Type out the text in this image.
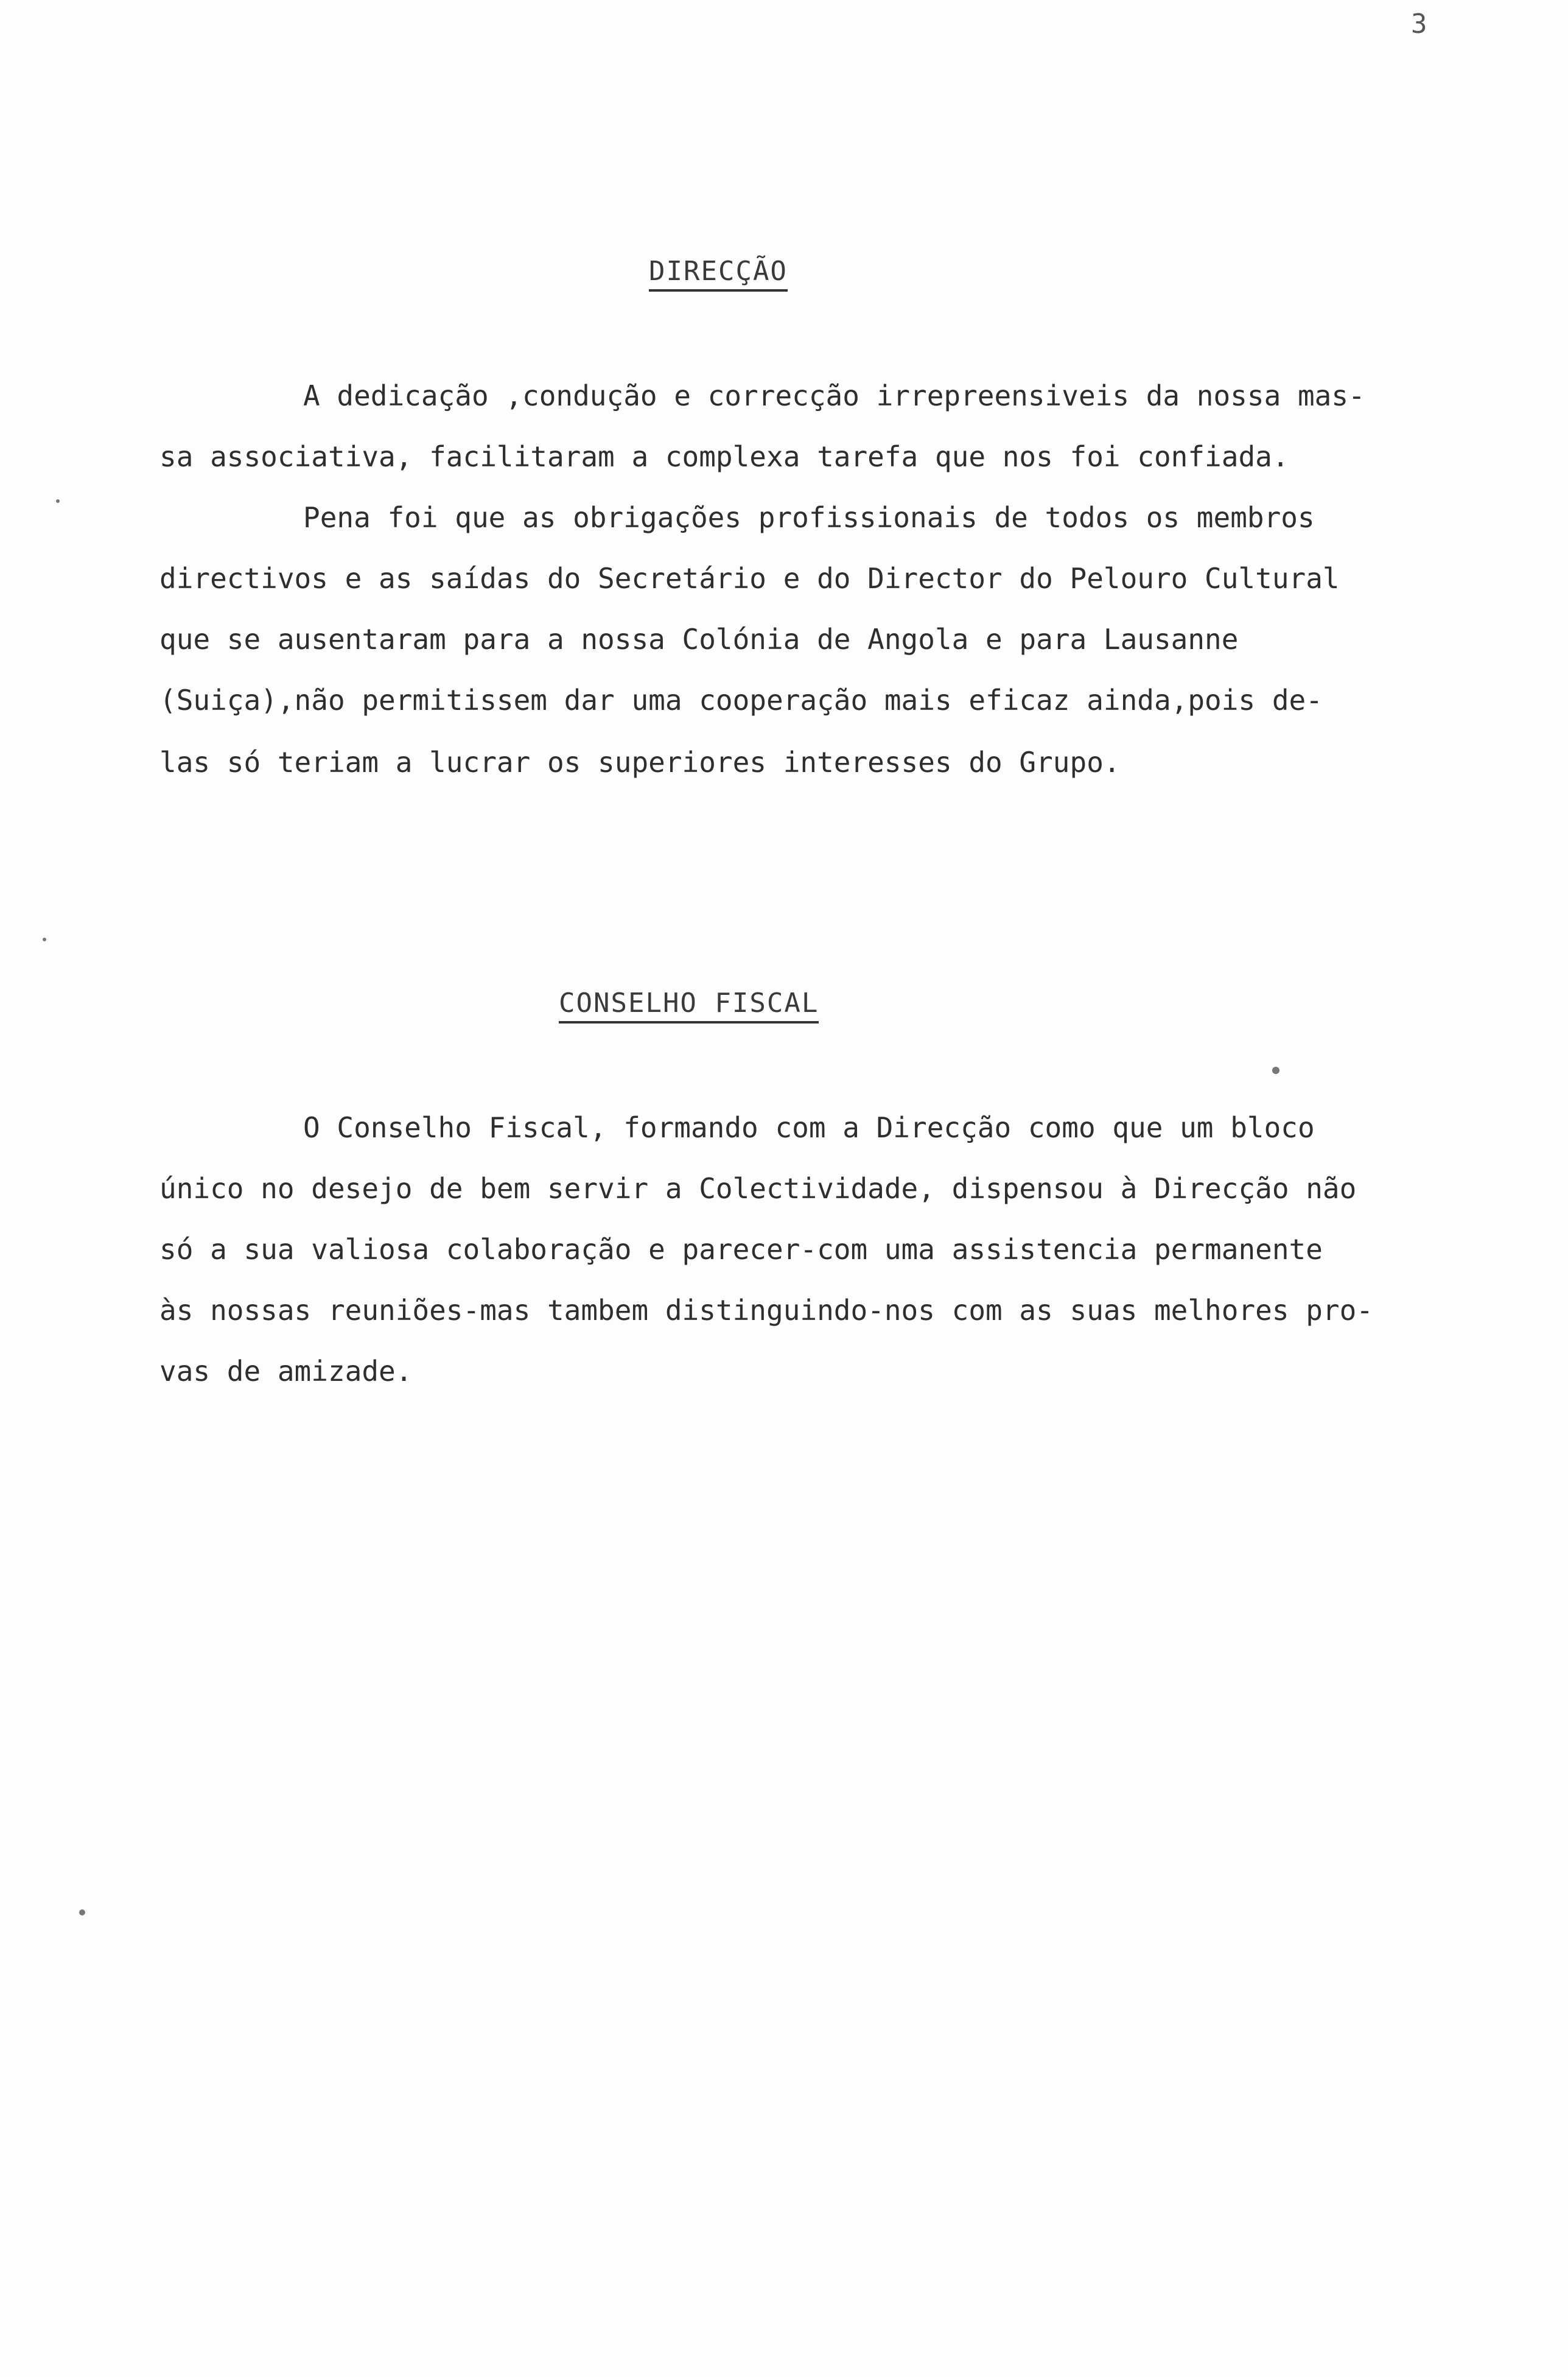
3
DIRECÇÃO
A dedicação ,condução e correcção irrepreensiveis da nossa mas-
sa associativa, facilitaram a complexa tarefa que nos foi confiada.
Pena foi que as obrigações profissionais de todos os membros
directivos e as saídas do Secretário e do Director do Pelouro Cultural
que se ausentaram para a nossa Colónia de Angola e para Lausanne
(Suiça),não permitissem dar uma cooperação mais eficaz ainda,pois de-
las só teriam a lucrar os superiores interesses do Grupo.
CONSELHO FISCAL
O Conselho Fiscal, formando com a Direcção como que um bloco
único no desejo de bem servir a Colectividade, dispensou à Direcção não
só a sua valiosa colaboração e parecer-com uma assistencia permanente
às nossas reuniões-mas tambem distinguindo-nos com as suas melhores pro-
vas de amizade.
